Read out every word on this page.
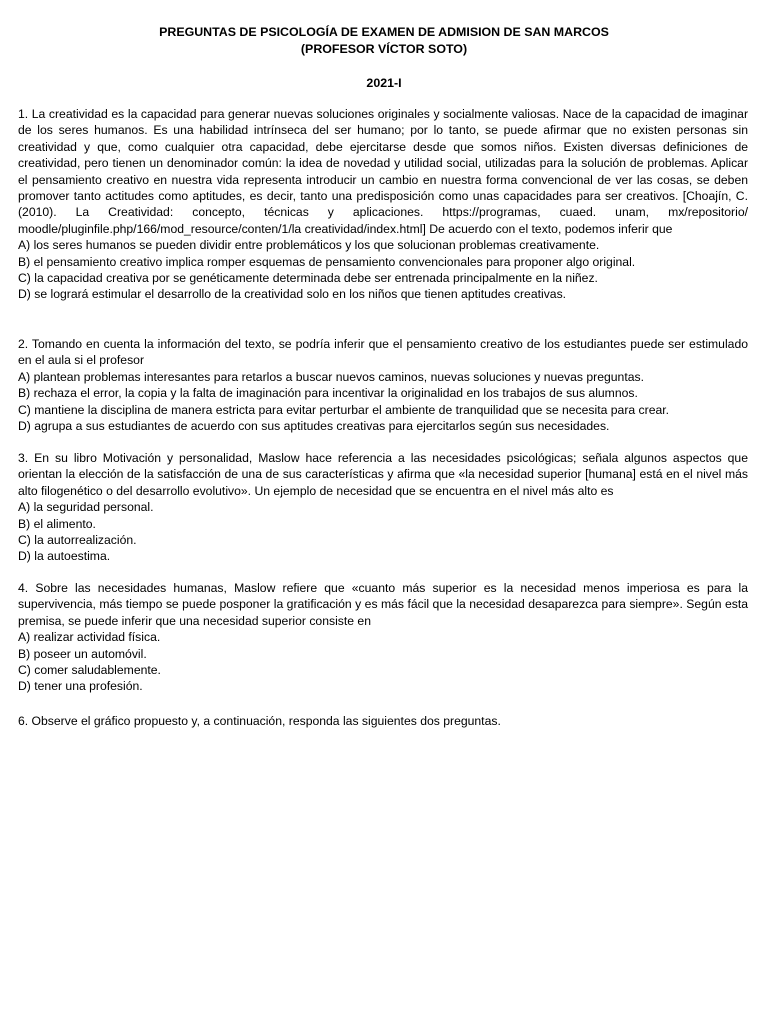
PREGUNTAS DE PSICOLOGÍA DE EXAMEN DE ADMISION DE SAN MARCOS
(PROFESOR VÍCTOR SOTO)
2021-I

1. La creatividad es la capacidad para generar nuevas soluciones originales y socialmente valiosas. Nace de la capacidad de imaginar de los seres humanos. Es una habilidad intrínseca del ser humano; por lo tanto, se puede afirmar que no existen personas sin creatividad y que, como cualquier otra capacidad, debe ejercitarse desde que somos niños. Existen diversas definiciones de creatividad, pero tienen un denominador común: la idea de novedad y utilidad social, utilizadas para la solución de problemas. Aplicar el pensamiento creativo en nuestra vida representa introducir un cambio en nuestra forma convencional de ver las cosas, se deben promover tanto actitudes como aptitudes, es decir, tanto una predisposición como unas capacidades para ser creativos. [Choajín, C.(2010). La Creatividad: concepto, técnicas y aplicaciones. https://programas, cuaed. unam, mx/repositorio/ moodle/pluginfile.php/166/mod_resource/conten/1/la creatividad/index.html] De acuerdo con el texto, podemos inferir que

A) los seres humanos se pueden dividir entre problemáticos y los que solucionan problemas creativamente.

B) el pensamiento creativo implica romper esquemas de pensamiento convencionales para proponer algo original.

C) la capacidad creativa por se genéticamente determinada debe ser entrenada principalmente en la niñez.

D) se logrará estimular el desarrollo de la creatividad solo en los niños que tienen aptitudes creativas.

2. Tomando en cuenta la información del texto, se podría inferir que el pensamiento creativo de los estudiantes puede ser estimulado en el aula si el profesor

A) plantean problemas interesantes para retarlos a buscar nuevos caminos, nuevas soluciones y nuevas preguntas.

B) rechaza el error, la copia y la falta de imaginación para incentivar la originalidad en los trabajos de sus alumnos.

C) mantiene la disciplina de manera estricta para evitar perturbar el ambiente de tranquilidad que se necesita para crear.

D) agrupa a sus estudiantes de acuerdo con sus aptitudes creativas para ejercitarlos según sus necesidades.

3. En su libro Motivación y personalidad, Maslow hace referencia a las necesidades psicológicas; señala algunos aspectos que orientan la elección de la satisfacción de una de sus características y afirma que «la necesidad superior [humana] está en el nivel más alto filogenético o del desarrollo evolutivo». Un ejemplo de necesidad que se encuentra en el nivel más alto es

A) la seguridad personal.

B) el alimento.

C) la autorrealización.

D) la autoestima.

4. Sobre las necesidades humanas, Maslow refiere que «cuanto más superior es la necesidad menos imperiosa es para la supervivencia, más tiempo se puede posponer la gratificación y es más fácil que la necesidad desaparezca para siempre». Según esta premisa, se puede inferir que una necesidad superior consiste en

A) realizar actividad física.

B) poseer un automóvil.

C) comer saludablemente.

D) tener una profesión.

6. Observe el gráfico propuesto y, a continuación, responda las siguientes dos preguntas.
